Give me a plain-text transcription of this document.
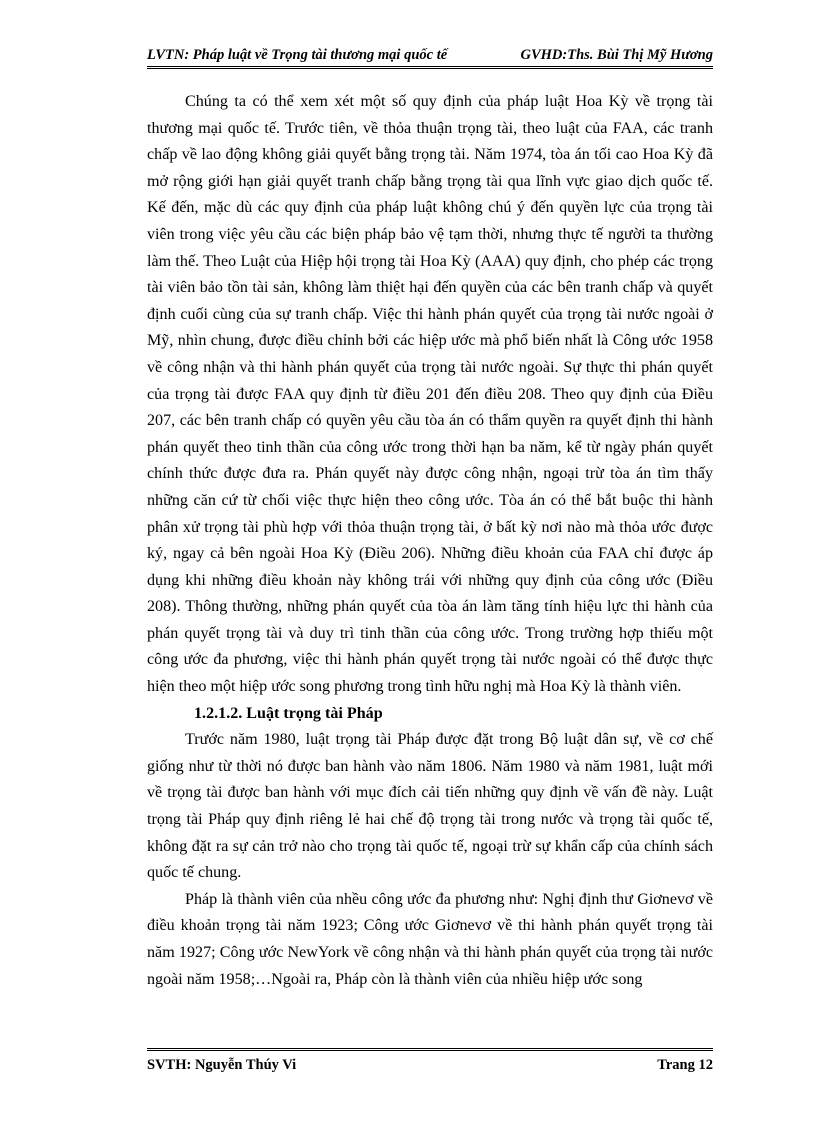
LVTN: Pháp luật về Trọng tài thương mại quốc tế	GVHD:Ths. Bùi Thị Mỹ Hương

Chúng ta có thể xem xét một số quy định của pháp luật Hoa Kỳ về trọng tài thương mại quốc tế. Trước tiên, về thỏa thuận trọng tài, theo luật của FAA, các tranh chấp về lao động không giải quyết bằng trọng tài. Năm 1974, tòa án tối cao Hoa Kỳ đã mở rộng giới hạn giải quyết tranh chấp bằng trọng tài qua lĩnh vực giao dịch quốc tế. Kế đến, mặc dù các quy định của pháp luật không chú ý đến quyền lực của trọng tài viên trong việc yêu cầu các biện pháp bảo vệ tạm thời, nhưng thực tế người ta thường làm thế. Theo Luật của Hiệp hội trọng tài Hoa Kỳ (AAA) quy định, cho phép các trọng tài viên bảo tồn tài sản, không làm thiệt hại đến quyền của các bên tranh chấp và quyết định cuối cùng của sự tranh chấp. Việc thi hành phán quyết của trọng tài nước ngoài ở Mỹ, nhìn chung, được điều chỉnh bởi các hiệp ước mà phổ biến nhất là Công ước 1958 về công nhận và thi hành phán quyết của trọng tài nước ngoài. Sự thực thi phán quyết của trọng tài được FAA quy định từ điều 201 đến điều 208. Theo quy định của Điều 207, các bên tranh chấp có quyền yêu cầu tòa án có thẩm quyền ra quyết định thi hành phán quyết theo tinh thần của công ước trong thời hạn ba năm, kể từ ngày phán quyết chính thức được đưa ra. Phán quyết này được công nhận, ngoại trừ tòa án tìm thấy những căn cứ từ chối việc thực hiện theo công ước. Tòa án có thể bắt buộc thi hành phân xử trọng tài phù hợp với thỏa thuận trọng tài, ở bất kỳ nơi nào mà thỏa ước được ký, ngay cả bên ngoài Hoa Kỳ (Điều 206). Những điều khoản của FAA chỉ được áp dụng khi những điều khoản này không trái với những quy định của công ước (Điều 208). Thông thường, những phán quyết của tòa án làm tăng tính hiệu lực thi hành của phán quyết trọng tài và duy trì tinh thần của công ước. Trong trường hợp thiếu một công ước đa phương, việc thi hành phán quyết trọng tài nước ngoài có thể được thực hiện theo một hiệp ước song phương trong tình hữu nghị mà Hoa Kỳ là thành viên.

1.2.1.2. Luật trọng tài Pháp

Trước năm 1980, luật trọng tài Pháp được đặt trong Bộ luật dân sự, về cơ chế giống như từ thời nó được ban hành vào năm 1806. Năm 1980 và năm 1981, luật mới về trọng tài được ban hành với mục đích cải tiến những quy định về vấn đề này. Luật trọng tài Pháp quy định riêng lẻ hai chế độ trọng tài trong nước và trọng tài quốc tế, không đặt ra sự cản trở nào cho trọng tài quốc tế, ngoại trừ sự khẩn cấp của chính sách quốc tế chung.

Pháp là thành viên của nhều công ước đa phương như: Nghị định thư Giơnevơ về điều khoản trọng tài năm 1923; Công ước Giơnevơ về thi hành phán quyết trọng tài năm 1927; Công ước NewYork về công nhận và thi hành phán quyết của trọng tài nước ngoài năm 1958;…Ngoài ra, Pháp còn là thành viên của nhiều hiệp ước song

SVTH: Nguyễn Thúy Vi	Trang 12
